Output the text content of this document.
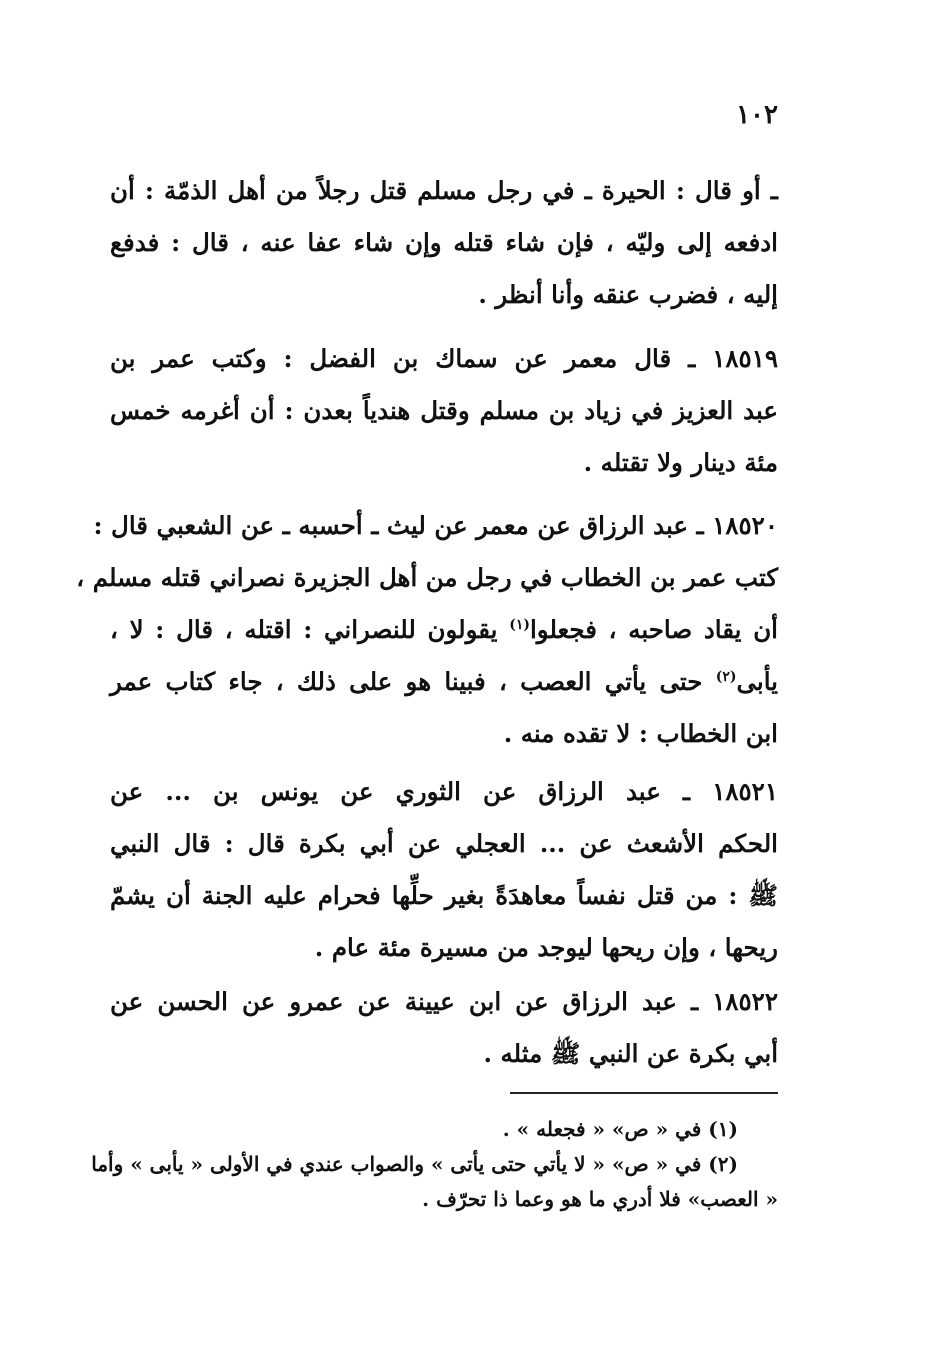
١٠٢
ـ أو قال : الحيرة ـ في رجل مسلم قتل رجلاً من أهل الذمّة : أن
ادفعه إلى وليّه ، فإن شاء قتله وإن شاء عفا عنه ، قال : فدفع
إليه ، فضرب عنقه وأنا أنظر .
١٨٥١٩ ـ قال معمر عن سماك بن الفضل : وكتب عمر بن
عبد العزيز في زياد بن مسلم وقتل هندياً بعدن : أن أغرمه خمس
مئة دينار ولا تقتله .
١٨٥٢٠ ـ عبد الرزاق عن معمر عن ليث ـ أحسبه ـ عن الشعبي قال :
كتب عمر بن الخطاب في رجل من أهل الجزيرة نصراني قتله مسلم ،
أن يقاد صاحبه ، فجعلوا$^{(١)}$ يقولون للنصراني : اقتله ، قال : لا ،
يأبى$^{(٢)}$ حتى يأتي العصب ، فبينا هو على ذلك ، جاء كتاب عمر
ابن الخطاب : لا تقده منه .
١٨٥٢١ ـ عبد الرزاق عن الثوري عن يونس بن ... عن
الحكم الأشعث عن ... العجلي عن أبي بكرة قال : قال النبي
ﷺ : من قتل نفساً معاهدَةً بغير حلِّها فحرام عليه الجنة أن يشمّ
ريحها ، وإن ريحها ليوجد من مسيرة مئة عام .
١٨٥٢٢ ـ عبد الرزاق عن ابن عيينة عن عمرو عن الحسن عن
أبي بكرة عن النبي ﷺ مثله .
(١) في « ص» « فجعله » .
(٢) في « ص» « لا يأتي حتى يأتى » والصواب عندي في الأولى « يأبى » وأما
« العصب» فلا أدري ما هو وعما ذا تحرّف .
